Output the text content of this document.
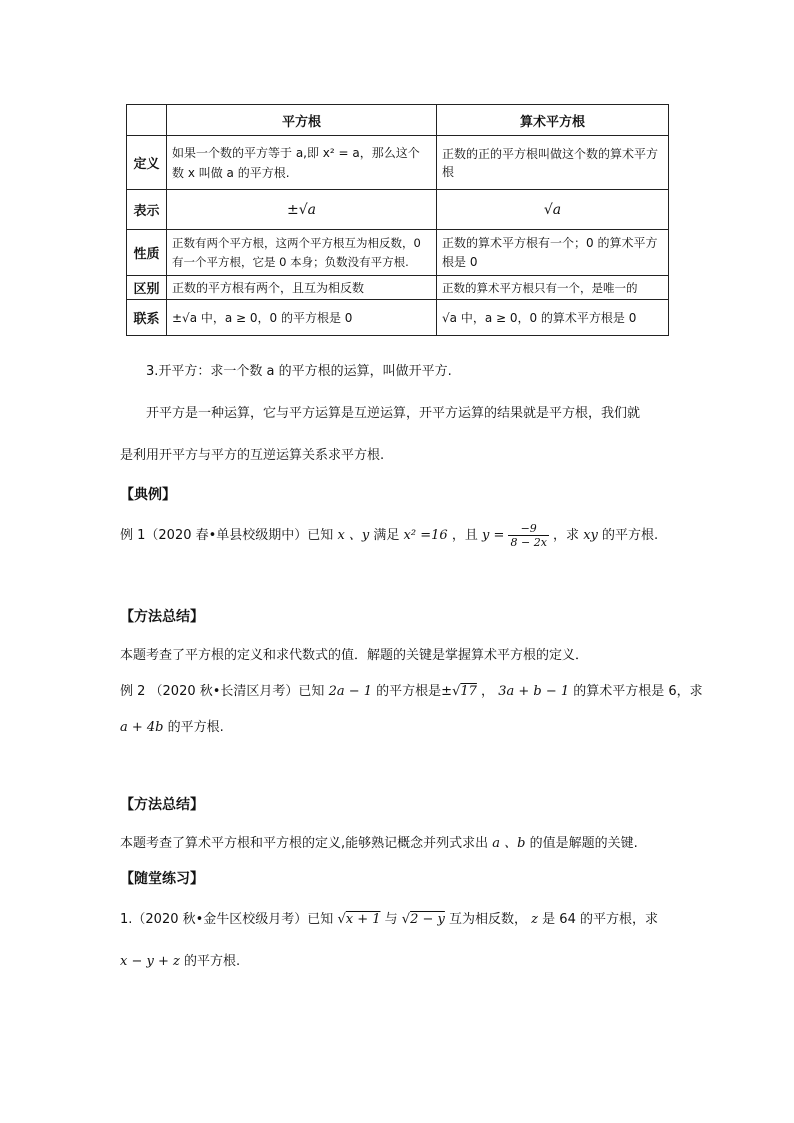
	平方根	算术平方根
定义	如果一个数的平方等于 a,即 x² = a，那么这个数 x 叫做 a 的平方根.	正数的正的平方根叫做这个数的算术平方根
表示	±√a	√a
性质	正数有两个平方根，这两个平方根互为相反数，0 有一个平方根，它是 0 本身；负数没有平方根.	正数的算术平方根有一个；0 的算术平方根是 0
区别	正数的平方根有两个，且互为相反数	正数的算术平方根只有一个，是唯一的
联系	±√a 中，a ≥ 0，0 的平方根是 0	√a 中，a ≥ 0，0 的算术平方根是 0
3.开平方：求一个数 a 的平方根的运算，叫做开平方.
开平方是一种运算，它与平方运算是互逆运算，开平方运算的结果就是平方根，我们就
是利用开平方与平方的互逆运算关系求平方根.
【典例】
例 1（2020 春•单县校级期中）已知 x 、y 满足 x² =16 ，且 $y = \frac{-9}{8 - 2x}$ ，求 xy 的平方根.
【方法总结】
本题考查了平方根的定义和求代数式的值．解题的关键是掌握算术平方根的定义．
例 2 （2020 秋•长清区月考）已知 2a − 1 的平方根是±√17 ， 3a + b − 1 的算术平方根是 6，求
a + 4b 的平方根.
【方法总结】
本题考查了算术平方根和平方根的定义,能够熟记概念并列式求出 a 、b 的值是解题的关键.
【随堂练习】
1.（2020 秋•金牛区校级月考）已知 √x + 1 与 √2 − y 互为相反数， z 是 64 的平方根，求
x − y + z 的平方根.
